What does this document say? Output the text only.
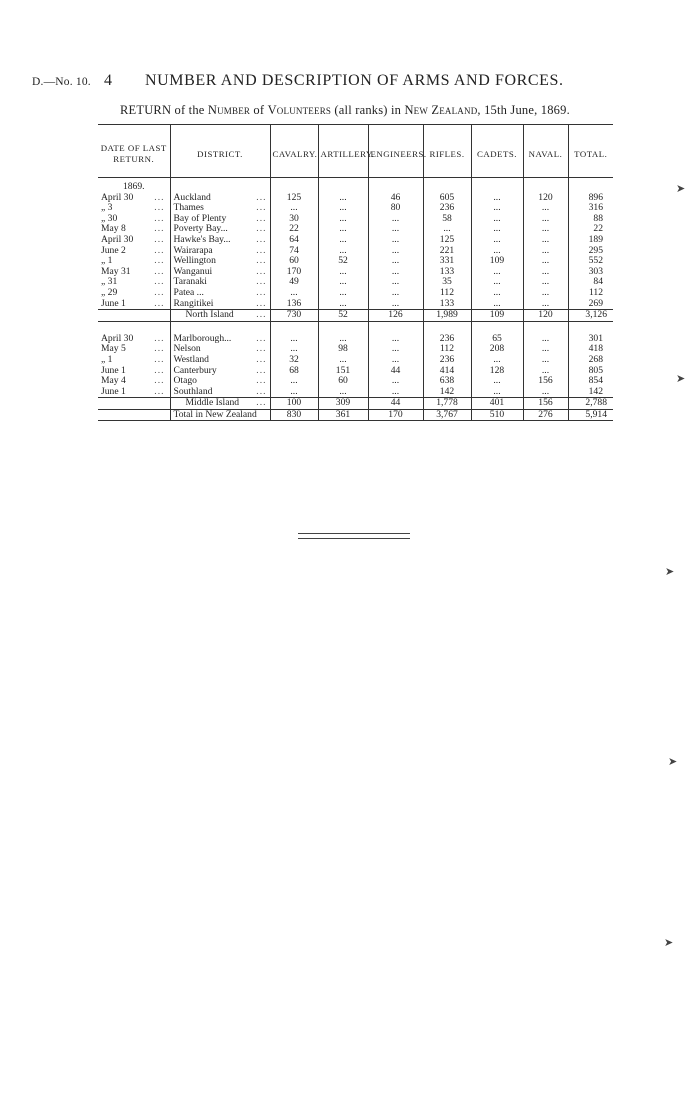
D.—No. 10. 4 NUMBER AND DESCRIPTION OF ARMS AND FORCES.
RETURN of the Number of Volunteers (all ranks) in New Zealand, 15th June, 1869.
DATE OF LAST RETURN.	DISTRICT.	CAVALRY.	ARTILLERY.	ENGINEERS.	RIFLES.	CADETS.	NAVAL.	TOTAL.
1869.								

April 30 ...	Auckland ...	125	...	46	605	...	120	896

„ 3 ...	Thames ...	...	...	80	236	...	...	316

„ 30 ...	Bay of Plenty ...	30	...	...	58	...	...	88

May 8 ...	Poverty Bay... ...	22	...	...	...	...	...	22

April 30 ...	Hawke's Bay... ...	64	...	...	125	...	...	189

June 2 ...	Wairarapa ...	74	...	...	221	...	...	295

„ 1 ...	Wellington ...	60	52	...	331	109	...	552

May 31 ...	Wanganui ...	170	...	...	133	...	...	303

„ 31 ...	Taranaki ...	49	...	...	35	...	...	84

„ 29 ...	Patea ... ...	...	...	...	112	...	...	112

June 1 ...	Rangitikei ...	136	...	...	133	...	...	269

	North Island ...	730	52	126	1,989	109	120	3,126

April 30 ...	Marlborough... ...	...	...	...	236	65	...	301

May 5 ...	Nelson ...	...	98	...	112	208	...	418

„ 1 ...	Westland ...	32	...	...	236	...	...	268

June 1 ...	Canterbury ...	68	151	44	414	128	...	805

May 4 ...	Otago ...	...	60	...	638	...	156	854

June 1 ...	Southland ...	...	...	...	142	...	...	142

	Middle Island ...	100	309	44	1,778	401	156	2,788

	Total in New Zealand	830	361	170	3,767	510	276	5,914
➤
➤
➤
➤
➤
